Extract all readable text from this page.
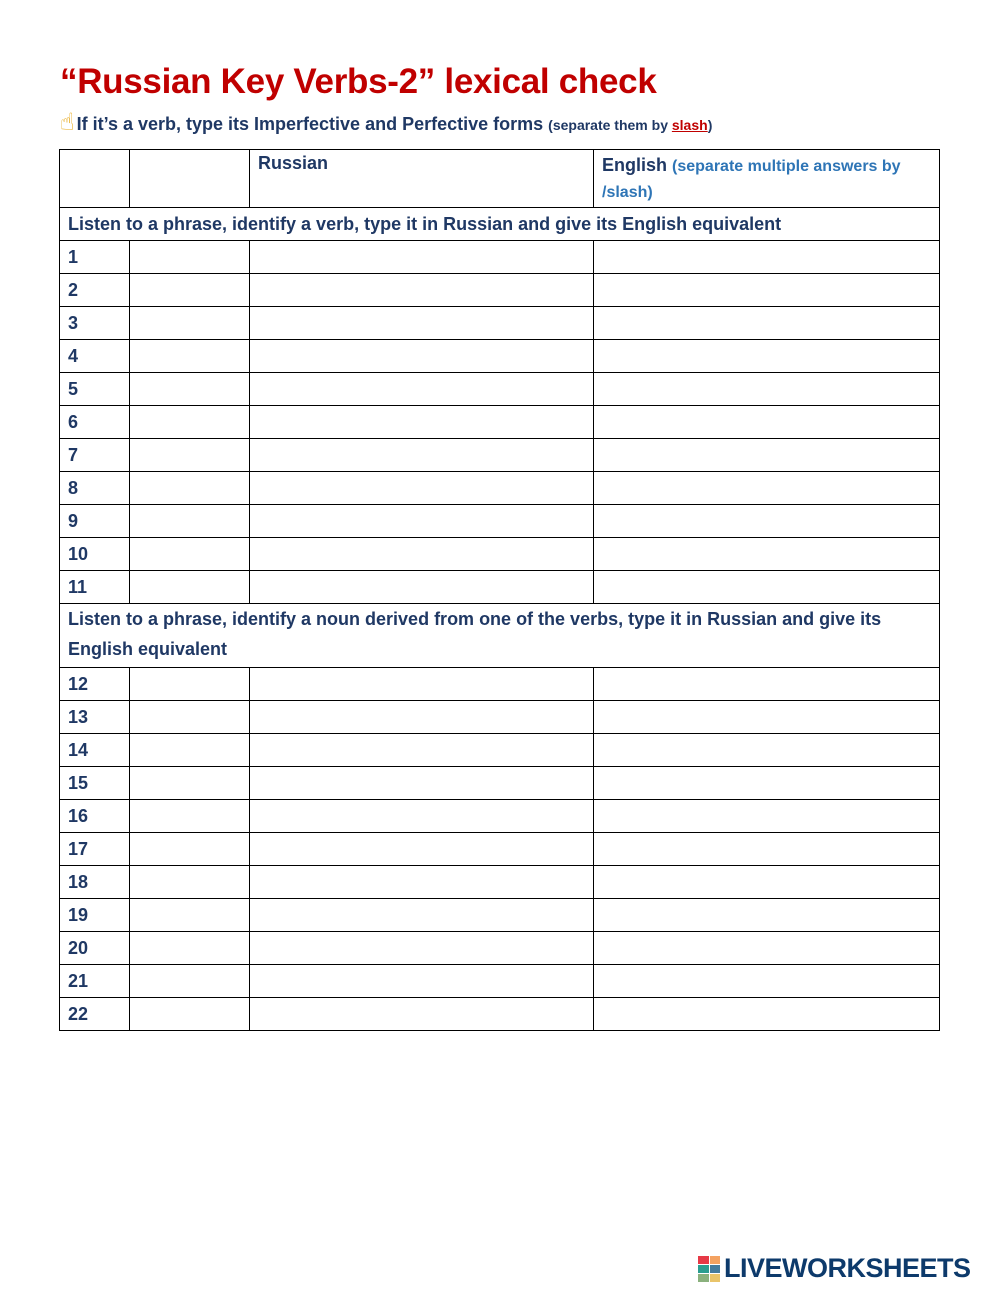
“Russian Key Verbs-2” lexical check
☝ If it’s a verb, type its Imperfective and Perfective forms (separate them by slash)
		Russian	English (separate multiple answers by /slash)
Listen to a phrase, identify a verb, type it in Russian and give its English equivalent			
1			
2			
3			
4			
5			
6			
7			
8			
9			
10			
11			
Listen to a phrase, identify a noun derived from one of the verbs, type it in Russian and give its English equivalent			
12			
13			
14			
15			
16			
17			
18			
19			
20			
21			
22			
LIVEWORKSHEETS
